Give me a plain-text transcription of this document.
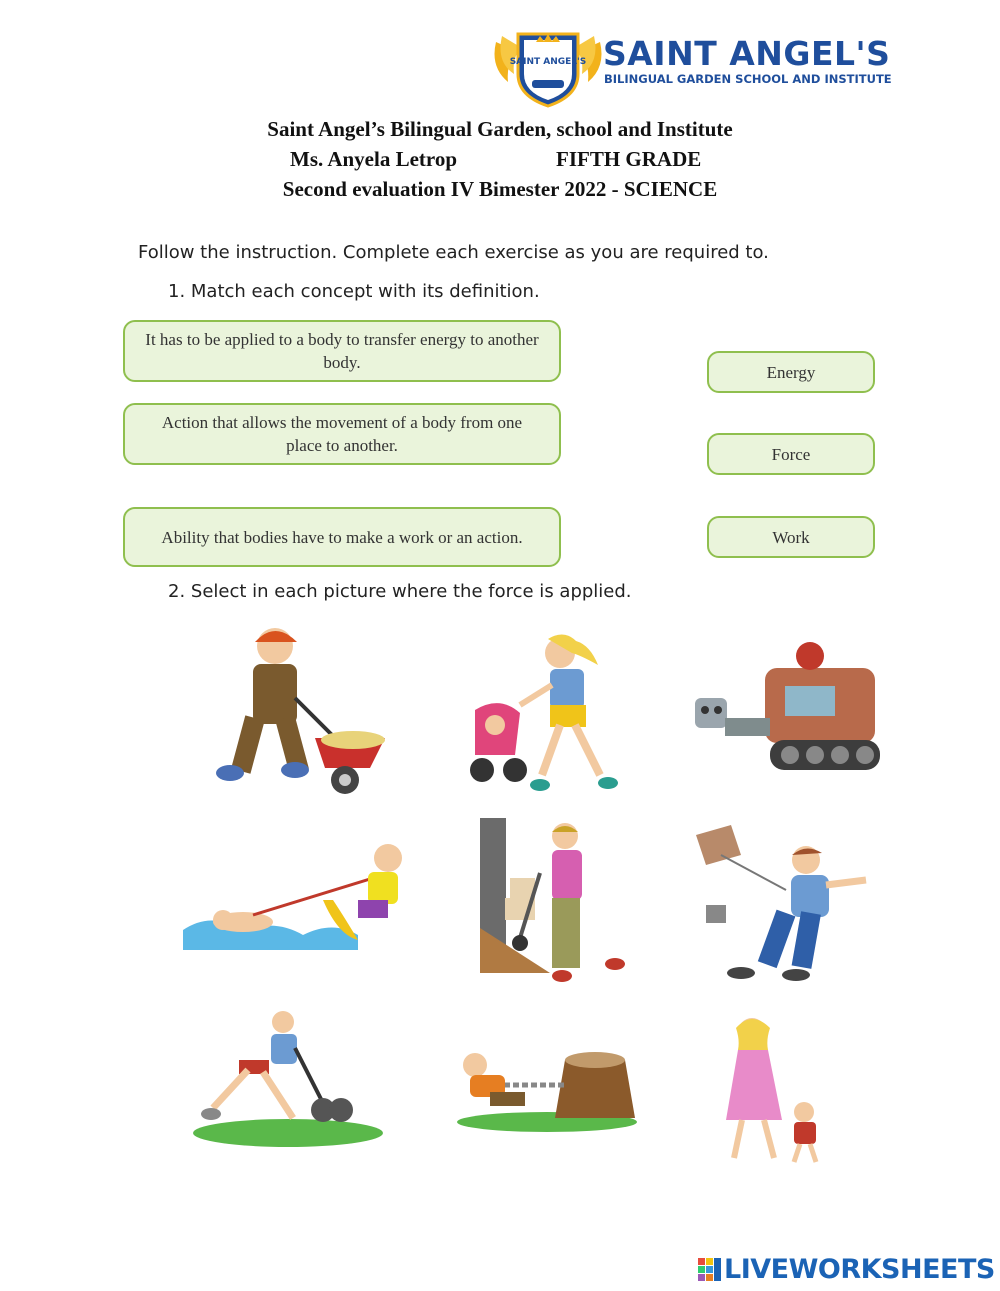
SAINT ANGEL'S SAINT ANGEL'S
BILINGUAL GARDEN SCHOOL AND INSTITUTE
Saint Angel’s Bilingual Garden, school and Institute
Ms. Anyela Letrop	FIFTH GRADE
Second evaluation IV Bimester 2022 - SCIENCE
Follow the instruction. Complete each exercise as you are required to.
1. Match each concept with its definition.
It has to be applied to a body to transfer energy to another body.
Action that allows the movement of a body from one place to another.
Ability that bodies have to make a work or an action.
Energy
Force
Work
2. Select in each picture where the force is applied.
LIVEWORKSHEETS
